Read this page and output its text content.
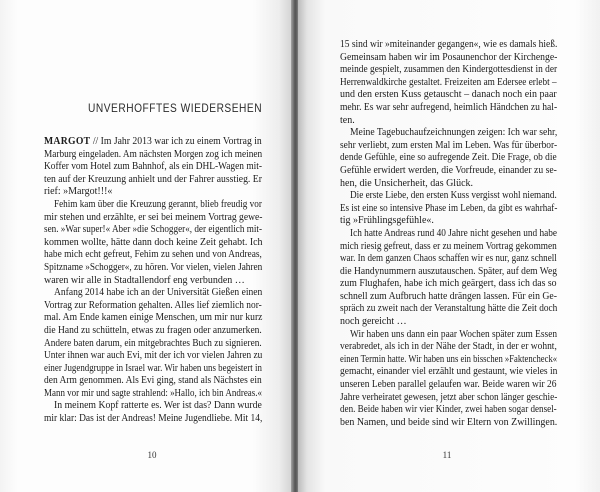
UNVERHOFFTES WIEDERSEHEN
MARGOT // Im Jahr 2013 war ich zu einem Vortrag in
Marburg eingeladen. Am nächsten Morgen zog ich meinen
Koffer vom Hotel zum Bahnhof, als ein DHL-Wagen mit-
ten auf der Kreuzung anhielt und der Fahrer ausstieg. Er
rief: »Margot!!!«
Fehim kam über die Kreuzung gerannt, blieb freudig vor
mir stehen und erzählte, er sei bei meinem Vortrag gewe-
sen. »War super!« Aber »die Schogger«, der eigentlich mit-
kommen wollte, hätte dann doch keine Zeit gehabt. Ich
habe mich echt gefreut, Fehim zu sehen und von Andreas,
Spitzname »Schogger«, zu hören. Vor vielen, vielen Jahren
waren wir alle in Stadtallendorf eng verbunden …
Anfang 2014 habe ich an der Universität Gießen einen
Vortrag zur Reformation gehalten. Alles lief ziemlich nor-
mal. Am Ende kamen einige Menschen, um mir nur kurz
die Hand zu schütteln, etwas zu fragen oder anzumerken.
Andere baten darum, ein mitgebrachtes Buch zu signieren.
Unter ihnen war auch Evi, mit der ich vor vielen Jahren zu
einer Jugendgruppe in Israel war. Wir haben uns begeistert in
den Arm genommen. Als Evi ging, stand als Nächstes ein
Mann vor mir und sagte strahlend: »Hallo, ich bin Andreas.«
In meinem Kopf ratterte es. Wer ist das? Dann wurde
mir klar: Das ist der Andreas! Meine Jugendliebe. Mit 14,
10
15 sind wir »miteinander gegangen«, wie es damals hieß.
Gemeinsam haben wir im Posaunenchor der Kirchenge-
meinde gespielt, zusammen den Kindergottesdienst in der
Herrenwaldkirche gestaltet. Freizeiten am Edersee erlebt –
und den ersten Kuss getauscht – danach noch ein paar
mehr. Es war sehr aufregend, heimlich Händchen zu hal-
ten.
Meine Tagebuchaufzeichnungen zeigen: Ich war sehr,
sehr verliebt, zum ersten Mal im Leben. Was für überbor-
dende Gefühle, eine so aufregende Zeit. Die Frage, ob die
Gefühle erwidert werden, die Vorfreude, einander zu se-
hen, die Unsicherheit, das Glück.
Die erste Liebe, den ersten Kuss vergisst wohl niemand.
Es ist eine so intensive Phase im Leben, da gibt es wahrhaf-
tig »Frühlingsgefühle«.
Ich hatte Andreas rund 40 Jahre nicht gesehen und habe
mich riesig gefreut, dass er zu meinem Vortrag gekommen
war. In dem ganzen Chaos schaffen wir es nur, ganz schnell
die Handynummern auszutauschen. Später, auf dem Weg
zum Flughafen, habe ich mich geärgert, dass ich das so
schnell zum Aufbruch hatte drängen lassen. Für ein Ge-
spräch zu zweit nach der Veranstaltung hätte die Zeit doch
noch gereicht …
Wir haben uns dann ein paar Wochen später zum Essen
verabredet, als ich in der Nähe der Stadt, in der er wohnt,
einen Termin hatte. Wir haben uns ein bisschen »Faktencheck«
gemacht, einander viel erzählt und gestaunt, wie vieles in
unseren Leben parallel gelaufen war. Beide waren wir 26
Jahre verheiratet gewesen, jetzt aber schon länger geschie-
den. Beide haben wir vier Kinder, zwei haben sogar densel-
ben Namen, und beide sind wir Eltern von Zwillingen.
11
